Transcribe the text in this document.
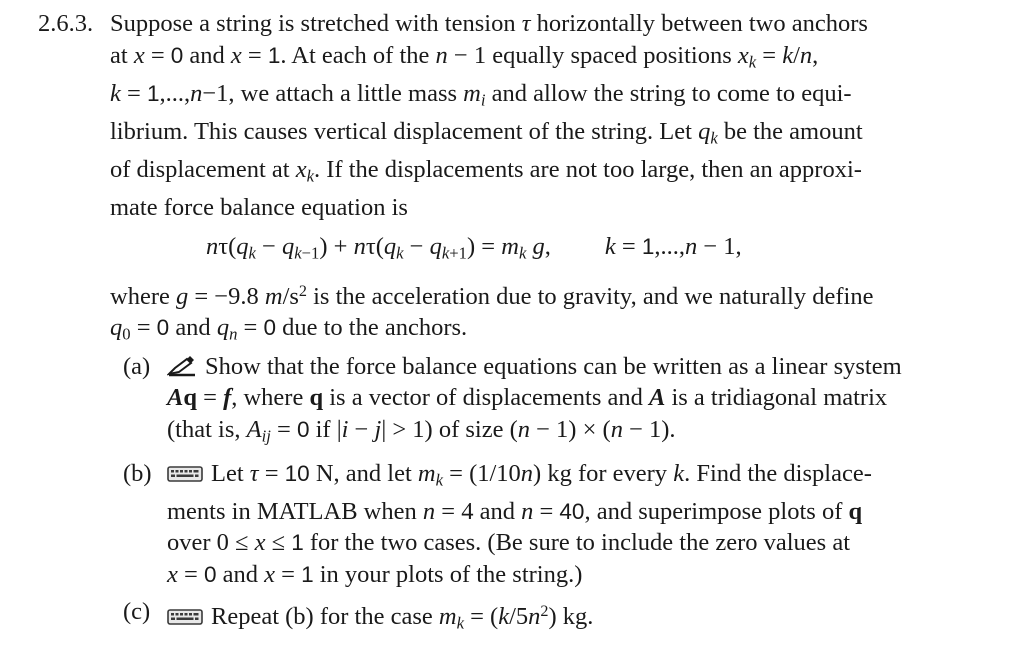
2.6.3. Suppose a string is stretched with tension τ horizontally between two anchors
at x = 0 and x = 1. At each of the n − 1 equally spaced positions $x_k = k/n$,
k = 1,...,n−1, we attach a little mass $m_i$ and allow the string to come to equi-
librium. This causes vertical displacement of the string. Let $q_k$ be the amount
of displacement at $x_k$. If the displacements are not too large, then an approxi-
mate force balance equation is
$n\tau(q_k - q_{k-1}) + n\tau(q_k - q_{k+1}) = m_k$ g, k = 1,...,n − 1,
where g = −9.8 $m/s^2$ is the acceleration due to gravity, and we naturally define
$q_0 = 0$ and $q_n = 0$ due to the anchors.
(a)	Show that the force balance equations can be written as a linear system
Aq = f, where q is a vector of displacements and A is a tridiagonal matrix
(that is, $A_{ij} = 0$ if |i − j| > 1) of size (n − 1) × (n − 1).
(b)	Let τ = 10 N, and let $m_k = (1/10n)$ kg for every k. Find the displace-
ments in MATLAB when n = 4 and n = 40, and superimpose plots of q
over 0 ≤ x ≤ 1 for the two cases. (Be sure to include the zero values at
x = 0 and x = 1 in your plots of the string.)
(c)	Repeat (b) for the case $m_k = (k/5n^2)$ kg.
